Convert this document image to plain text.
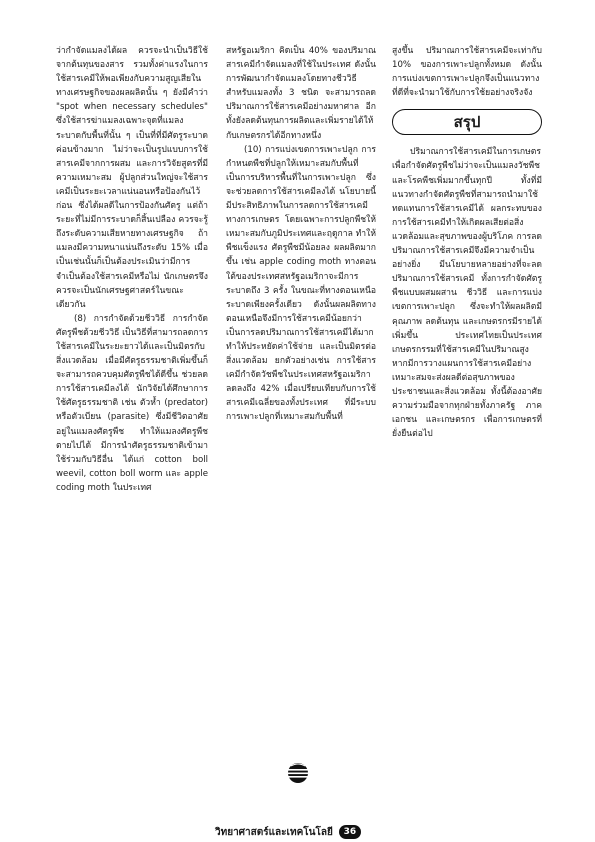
ว่ากำจัดแมลงได้ผล ควรจะนำเป็นวิธีใช้จากต้นทุนของสาร รวมทั้งค่าแรงในการใช้สารเคมีให้พอเพียงกับความสูญเสียในทางเศรษฐกิจของผลผลิตนั้น ๆ ยังมีคำว่า "spot when necessary schedules" ซึ่งใช้สารฆ่าแมลงเฉพาะจุดที่แมลงระบาดกับพื้นที่นั้น ๆ เป็นที่ที่มีศัตรูระบาดค่อนข้างมาก ไม่ว่าจะเป็นรูปแบบการใช้สารเคมีจากการผสม และการวิจัยสูตรที่มีความเหมาะสม ผู้ปลูกส่วนใหญ่จะใช้สารเคมีเป็นระยะเวลาแน่นอนหรือป้องกันไว้ก่อน ซึ่งได้ผลดีในการป้องกันศัตรู แต่ถ้าระยะที่ไม่มีการระบาดก็สิ้นเปลือง ควรจะรู้ถึงระดับความเสียหายทางเศรษฐกิจ ถ้าแมลงมีความหนาแน่นถึงระดับ 15% เมื่อเป็นเช่นนั้นก็เป็นต้องประเมินว่ามีการจำเป็นต้องใช้สารเคมีหรือไม่ นักเกษตรจึงควรจะเป็นนักเศรษฐศาสตร์ในขณะเดียวกัน

(8) การกำจัดด้วยชีววิธี การกำจัดศัตรูพืชด้วยชีววิธี เป็นวิธีที่สามารถลดการใช้สารเคมีในระยะยาวได้และเป็นมิตรกับสิ่งแวดล้อม เมื่อมีศัตรูธรรมชาติเพิ่มขึ้นก็จะสามารถควบคุมศัตรูพืชได้ดีขึ้น ช่วยลดการใช้สารเคมีลงได้ นักวิจัยได้ศึกษาการใช้ศัตรูธรรมชาติ เช่น ตัวห้ำ (predator) หรือตัวเบียน (parasite) ซึ่งมีชีวิตอาศัยอยู่ในแมลงศัตรูพืช ทำให้แมลงศัตรูพืชตายไปได้ มีการนำศัตรูธรรมชาติเข้ามาใช้ร่วมกับวิธีอื่น ได้แก่ cotton boll weevil, cotton boll worm และ apple coding moth ในประเทศ

สหรัฐอเมริกา คิดเป็น 40% ของปริมาณสารเคมีกำจัดแมลงที่ใช้ในประเทศ ดังนั้นการพัฒนากำจัดแมลงโดยทางชีววิธีสำหรับแมลงทั้ง 3 ชนิด จะสามารถลดปริมาณการใช้สารเคมีอย่างมหาศาล อีกทั้งยังลดต้นทุนการผลิตและเพิ่มรายได้ให้กับเกษตรกรได้อีกทางหนึ่ง

(10) การแบ่งเขตการเพาะปลูก การกำหนดพืชที่ปลูกให้เหมาะสมกับพื้นที่ เป็นการบริหารพื้นที่ในการเพาะปลูก ซึ่งจะช่วยลดการใช้สารเคมีลงได้ นโยบายนี้มีประสิทธิภาพในการลดการใช้สารเคมีทางการเกษตร โดยเฉพาะการปลูกพืชให้เหมาะสมกับภูมิประเทศและฤดูกาล ทำให้พืชแข็งแรง ศัตรูพืชมีน้อยลง ผลผลิตมากขึ้น เช่น apple coding moth ทางตอนใต้ของประเทศสหรัฐอเมริกาจะมีการระบาดถึง 3 ครั้ง ในขณะที่ทางตอนเหนือระบาดเพียงครั้งเดียว ดังนั้นผลผลิตทางตอนเหนือจึงมีการใช้สารเคมีน้อยกว่า เป็นการลดปริมาณการใช้สารเคมีได้มาก ทำให้ประหยัดค่าใช้จ่าย และเป็นมิตรต่อสิ่งแวดล้อม ยกตัวอย่างเช่น การใช้สารเคมีกำจัดวัชพืชในประเทศสหรัฐอเมริกาลดลงถึง 42% เมื่อเปรียบเทียบกับการใช้สารเคมีเฉลี่ยของทั้งประเทศ ที่มีระบบการเพาะปลูกที่เหมาะสมกับพื้นที่

สูงขึ้น ปริมาณการใช้สารเคมีจะเท่ากับ 10% ของการเพาะปลูกทั้งหมด ดังนั้นการแบ่งเขตการเพาะปลูกจึงเป็นแนวทางที่ดีที่จะนำมาใช้กับการใช้ยอย่างจริงจัง

สรุป

ปริมาณการใช้สารเคมีในการเกษตรเพื่อกำจัดศัตรูพืชไม่ว่าจะเป็นแมลงวัชพืช และโรคพืชเพิ่มมากขึ้นทุกปี ทั้งที่มีแนวทางกำจัดศัตรูพืชที่สามารถนำมาใช้ทดแทนการใช้สารเคมีได้ ผลกระทบของการใช้สารเคมีทำให้เกิดผลเสียต่อสิ่งแวดล้อมและสุขภาพของผู้บริโภค การลดปริมาณการใช้สารเคมีจึงมีความจำเป็นอย่างยิ่ง มีนโยบายหลายอย่างที่จะลดปริมาณการใช้สารเคมี ทั้งการกำจัดศัตรูพืชแบบผสมผสาน ชีววิธี และการแบ่งเขตการเพาะปลูก ซึ่งจะทำให้ผลผลิตมีคุณภาพ ลดต้นทุน และเกษตรกรมีรายได้เพิ่มขึ้น ประเทศไทยเป็นประเทศเกษตรกรรมที่ใช้สารเคมีในปริมาณสูง หากมีการวางแผนการใช้สารเคมีอย่างเหมาะสมจะส่งผลดีต่อสุขภาพของประชาชนและสิ่งแวดล้อม ทั้งนี้ต้องอาศัยความร่วมมือจากทุกฝ่ายทั้งภาครัฐ ภาคเอกชน และเกษตรกร เพื่อการเกษตรที่ยั่งยืนต่อไป

วิทยาศาสตร์และเทคโนโลยี	36
